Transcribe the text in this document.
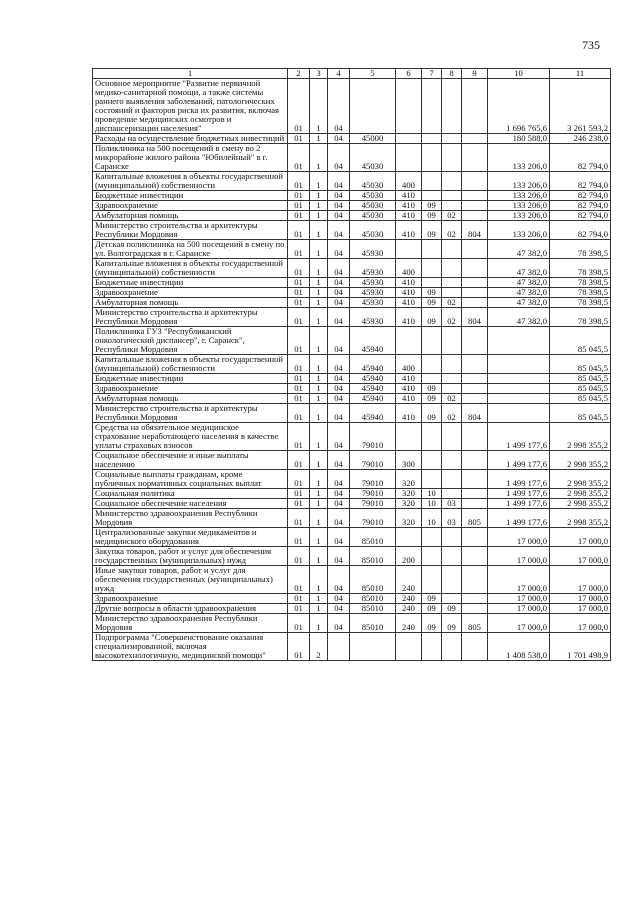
735
1	2	3	4	5	6	7	8	9	10	11
Основное мероприятие "Развитие первичной медико-санитарной помощи, а также системы раннего выявления заболеваний, патологических состояний и факторов риска их развития, включая проведение медицинских осмотров и диспансеризации населения"	01	1	04						1 696 765,6	3 261 593,2
Расходы на осуществление бюджетных инвестиций	01	1	04	45000					180 588,0	246 238,0
Поликлиника на 500 посещений в смену во 2 микрорайоне жилого района "Юбилейный" в г. Саранске	01	1	04	45030					133 206,0	82 794,0
Капитальные вложения в объекты государственной (муниципальной) собственности	01	1	04	45030	400				133 206,0	82 794,0
Бюджетные инвестиции	01	1	04	45030	410				133 206,0	82 794,0
Здравоохранение	01	1	04	45030	410	09			133 206,0	82 794,0
Амбулаторная помощь	01	1	04	45030	410	09	02		133 206,0	82 794,0
Министерство строительства и архитектуры Республики Мордовия	01	1	04	45030	410	09	02	804	133 206,0	82 794,0
Детская поликлиника на 500 посещений в смену по ул. Волгоградская в г. Саранске	01	1	04	45930					47 382,0	78 398,5
Капитальные вложения в объекты государственной (муниципальной) собственности	01	1	04	45930	400				47 382,0	78 398,5
Бюджетные инвестиции	01	1	04	45930	410				47 382,0	78 398,5
Здравоохранение	01	1	04	45930	410	09			47 382,0	78 398,5
Амбулаторная помощь	01	1	04	45930	410	09	02		47 382,0	78 398,5
Министерство строительства и архитектуры Республики Мордовия	01	1	04	45930	410	09	02	804	47 382,0	78 398,5
Поликлиника ГУЗ "Республиканский онкологический диспансер", г. Саранск", Республики Мордовия	01	1	04	45940						85 045,5
Капитальные вложения в объекты государственной (муниципальной) собственности	01	1	04	45940	400					85 045,5
Бюджетные инвестиции	01	1	04	45940	410					85 045,5
Здравоохранение	01	1	04	45940	410	09				85 045,5
Амбулаторная помощь	01	1	04	45940	410	09	02			85 045,5
Министерство строительства и архитектуры Республики Мордовия	01	1	04	45940	410	09	02	804		85 045,5
Средства на обязательное медицинское страхование неработающего населения в качестве уплаты страховых взносов	01	1	04	79010					1 499 177,6	2 998 355,2
Социальное обеспечение и иные выплаты населению	01	1	04	79010	300				1 499 177,6	2 998 355,2
Социальные выплаты гражданам, кроме публичных нормативных социальных выплат	01	1	04	79010	320				1 499 177,6	2 998 355,2
Социальная политика	01	1	04	79010	320	10			1 499 177,6	2 998 355,2
Социальное обеспечение населения	01	1	04	79010	320	10	03		1 499 177,6	2 998 355,2
Министерство здравоохранения Республики Мордовия	01	1	04	79010	320	10	03	805	1 499 177,6	2 998 355,2
Централизованные закупки медикаментов и медицинского оборудования	01	1	04	85010					17 000,0	17 000,0
Закупка товаров, работ и услуг для обеспечения государственных (муниципальных) нужд	01	1	04	85010	200				17 000,0	17 000,0
Иные закупки товаров, работ и услуг для обеспечения государственных (муниципальных) нужд	01	1	04	85010	240				17 000,0	17 000,0
Здравоохранение	01	1	04	85010	240	09			17 000,0	17 000,0
Другие вопросы в области здравоохранения	01	1	04	85010	240	09	09		17 000,0	17 000,0
Министерство здравоохранения Республики Мордовия	01	1	04	85010	240	09	09	805	17 000,0	17 000,0
Подпрограмма "Совершенствование оказания специализированной, включая высокотехнологичную, медицинской помощи"	01	2							1 408 538,0	1 701 498,9
